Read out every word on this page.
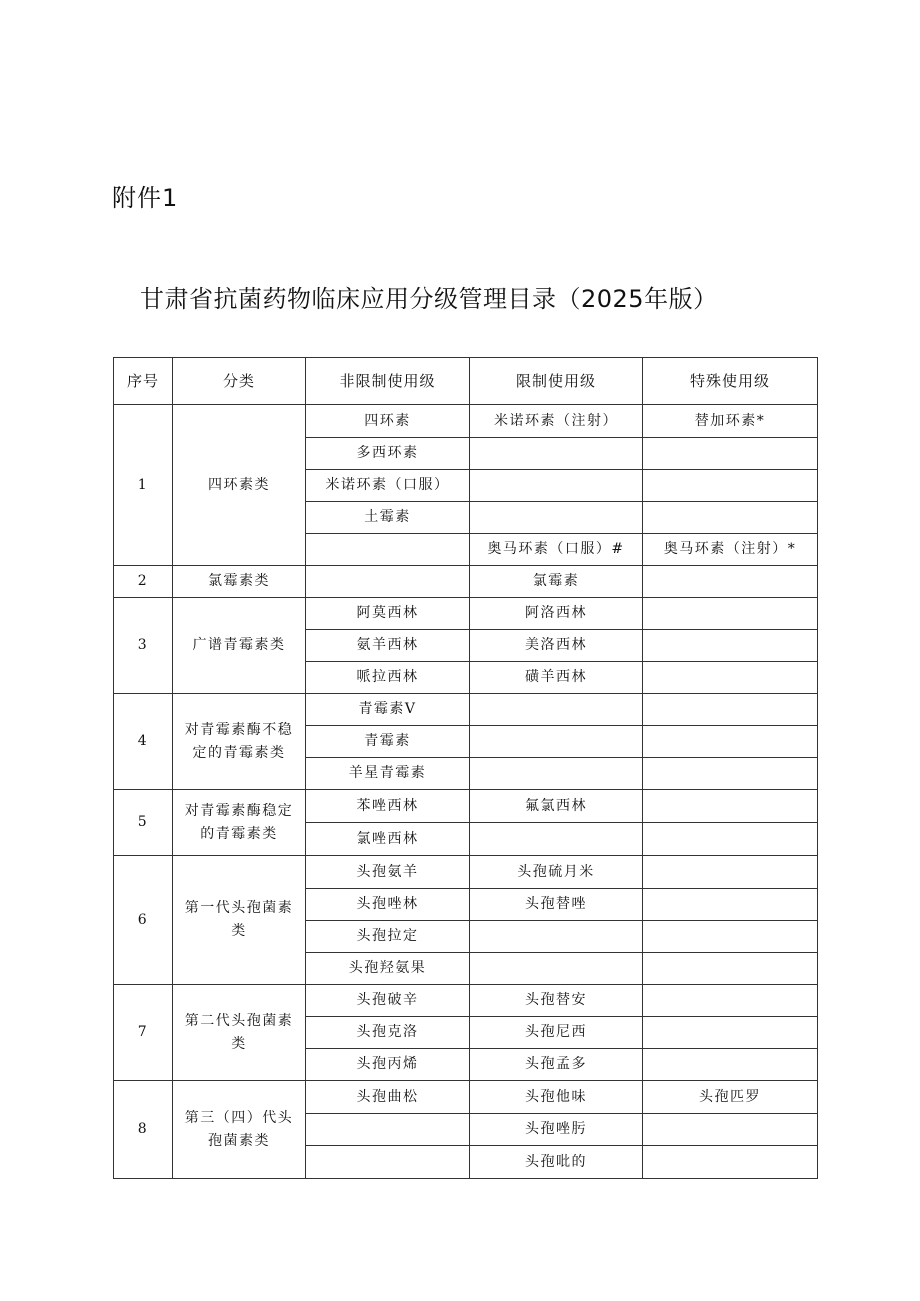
附件1
甘肃省抗菌药物临床应用分级管理目录（2025年版）
序号	分类	非限制使用级	限制使用级	特殊使用级
1	四环素类	四环素	米诺环素（注射）	替加环素*
		多西环素		
		米诺环素（口服）		
		土霉素		
			奥马环素（口服）#	奥马环素（注射）*
2	氯霉素类		氯霉素	
3	广谱青霉素类	阿莫西林	阿洛西林	
		氨羊西林	美洛西林	
		哌拉西林	磺羊西林	
4	对青霉素酶不稳定的青霉素类	青霉素V		
		青霉素		
		羊星青霉素		
5	对青霉素酶稳定的青霉素类	苯唑西林	氟氯西林	
		氯唑西林		
6	第一代头孢菌素类	头孢氨羊	头孢硫月米	
		头孢唑林	头孢替唑	
		头孢拉定		
		头孢羟氨果		
7	第二代头孢菌素类	头孢破辛	头孢替安	
		头孢克洛	头孢尼西	
		头孢丙烯	头孢孟多	
8	第三（四）代头孢菌素类	头孢曲松	头孢他味	头孢匹罗
			头孢唑肟	
			头孢吡的	
